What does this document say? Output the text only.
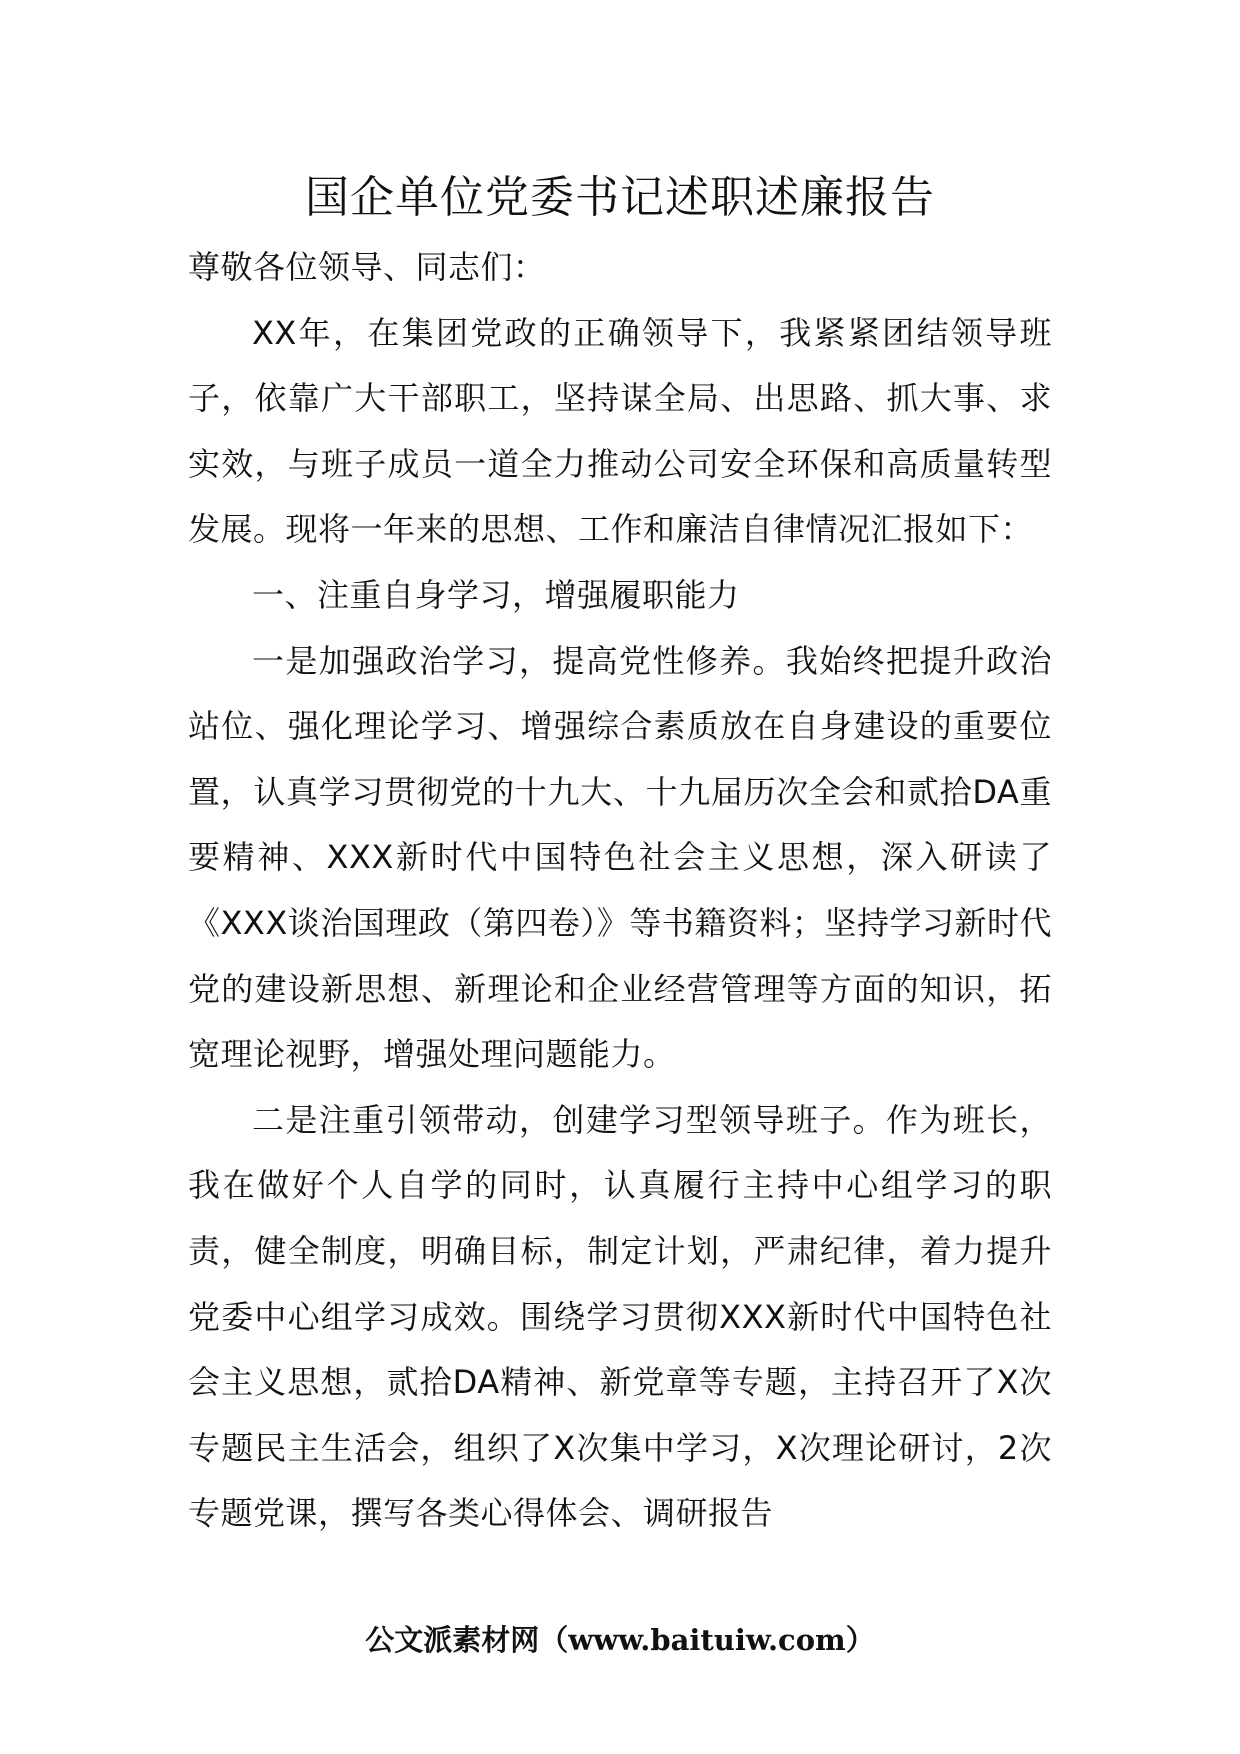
国企单位党委书记述职述廉报告

尊敬各位领导、同志们：

XX年，在集团党政的正确领导下，我紧紧团结领导班子，依靠广大干部职工，坚持谋全局、出思路、抓大事、求实效，与班子成员一道全力推动公司安全环保和高质量转型发展。现将一年来的思想、工作和廉洁自律情况汇报如下：

一、注重自身学习，增强履职能力

一是加强政治学习，提高党性修养。我始终把提升政治站位、强化理论学习、增强综合素质放在自身建设的重要位置，认真学习贯彻党的十九大、十九届历次全会和贰拾DA重要精神、XXX新时代中国特色社会主义思想，深入研读了《XXX谈治国理政（第四卷）》等书籍资料；坚持学习新时代党的建设新思想、新理论和企业经营管理等方面的知识，拓宽理论视野，增强处理问题能力。

二是注重引领带动，创建学习型领导班子。作为班长，我在做好个人自学的同时，认真履行主持中心组学习的职责，健全制度，明确目标，制定计划，严肃纪律，着力提升党委中心组学习成效。围绕学习贯彻XXX新时代中国特色社会主义思想，贰拾DA精神、新党章等专题，主持召开了X次专题民主生活会，组织了X次集中学习，X次理论研讨，2次专题党课，撰写各类心得体会、调研报告

公文派素材网（www.baituiw.com）
